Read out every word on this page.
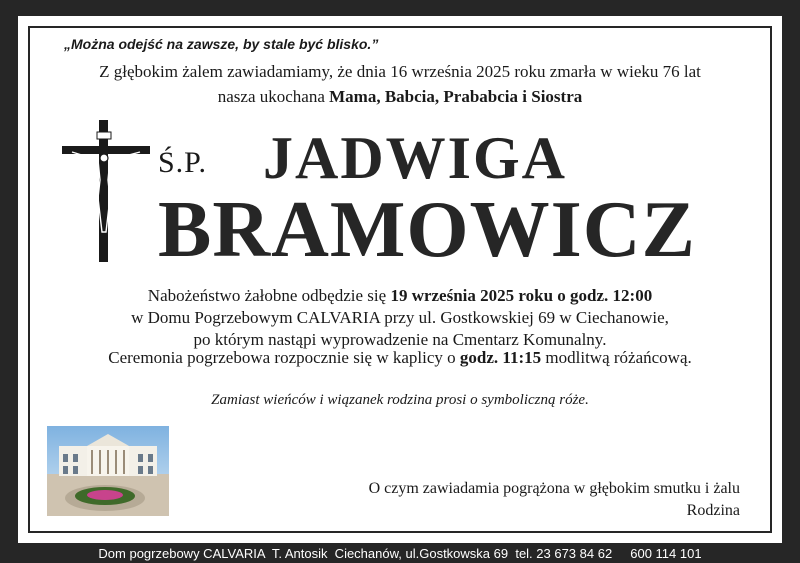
„Można odejść na zawsze, by stale być blisko.”
Z głębokim żalem zawiadamiamy, że dnia 16 września 2025 roku zmarła w wieku 76 lat
nasza ukochana Mama, Babcia, Prababcia i Siostra
Ś.P. JADWIGA
BRAMOWICZ
Nabożeństwo żałobne odbędzie się 19 września 2025 roku o godz. 12:00
w Domu Pogrzebowym CALVARIA przy ul. Gostkowskiej 69 w Ciechanowie,
po którym nastąpi wyprowadzenie na Cmentarz Komunalny.
Ceremonia pogrzebowa rozpocznie się w kaplicy o godz. 11:15 modlitwą różańcową.
Zamiast wieńców i wiązanek rodzina prosi o symboliczną róże.
O czym zawiadamia pogrążona w głębokim smutku i żalu
Rodzina
Dom pogrzebowy CALVARIA  T. Antosik  Ciechanów, ul.Gostkowska 69  tel. 23 673 84 62     600 114 101
